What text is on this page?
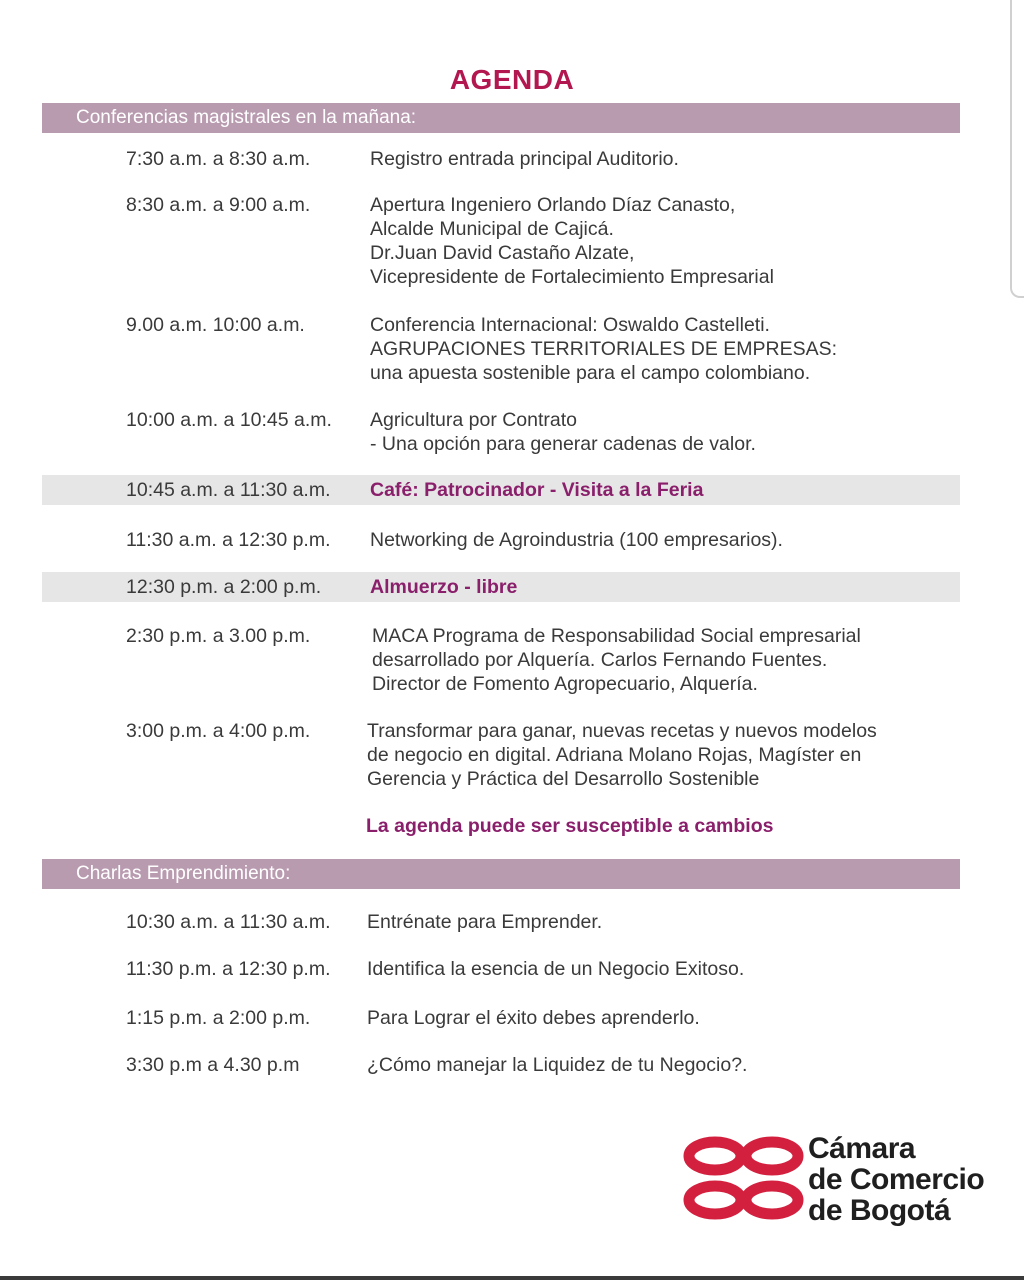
AGENDA
Conferencias magistrales en la mañana:
7:30 a.m. a 8:30 a.m.	Registro entrada principal Auditorio.
8:30 a.m. a 9:00 a.m.	Apertura Ingeniero Orlando Díaz Canasto,
Alcalde Municipal de Cajicá.
Dr.Juan David Castaño Alzate,
Vicepresidente de Fortalecimiento Empresarial
9.00 a.m. 10:00 a.m.	Conferencia Internacional: Oswaldo Castelleti.
AGRUPACIONES TERRITORIALES DE EMPRESAS:
una apuesta sostenible para el campo colombiano.
10:00 a.m. a 10:45 a.m. Agricultura por Contrato
- Una opción para generar cadenas de valor.
10:45 a.m. a 11:30 a.m. Café: Patrocinador - Visita a la Feria
11:30 a.m. a 12:30 p.m. Networking de Agroindustria (100 empresarios).
12:30 p.m. a 2:00 p.m.	Almuerzo - libre
2:30 p.m. a 3.00 p.m.	MACA Programa de Responsabilidad Social empresarial
desarrollado por Alquería. Carlos Fernando Fuentes.
Director de Fomento Agropecuario, Alquería.
3:00 p.m. a 4:00 p.m.	Transformar para ganar, nuevas recetas y nuevos modelos
de negocio en digital. Adriana Molano Rojas, Magíster en
Gerencia y Práctica del Desarrollo Sostenible
La agenda puede ser susceptible a cambios
Charlas Emprendimiento:
10:30 a.m. a 11:30 a.m. Entrénate para Emprender.
11:30 p.m. a 12:30 p.m. Identifica la esencia de un Negocio Exitoso.
1:15 p.m. a 2:00 p.m.	Para Lograr el éxito debes aprenderlo.
3:30 p.m a 4.30 p.m	¿Cómo manejar la Liquidez de tu Negocio?.
Cámara
de Comercio
de Bogotá
